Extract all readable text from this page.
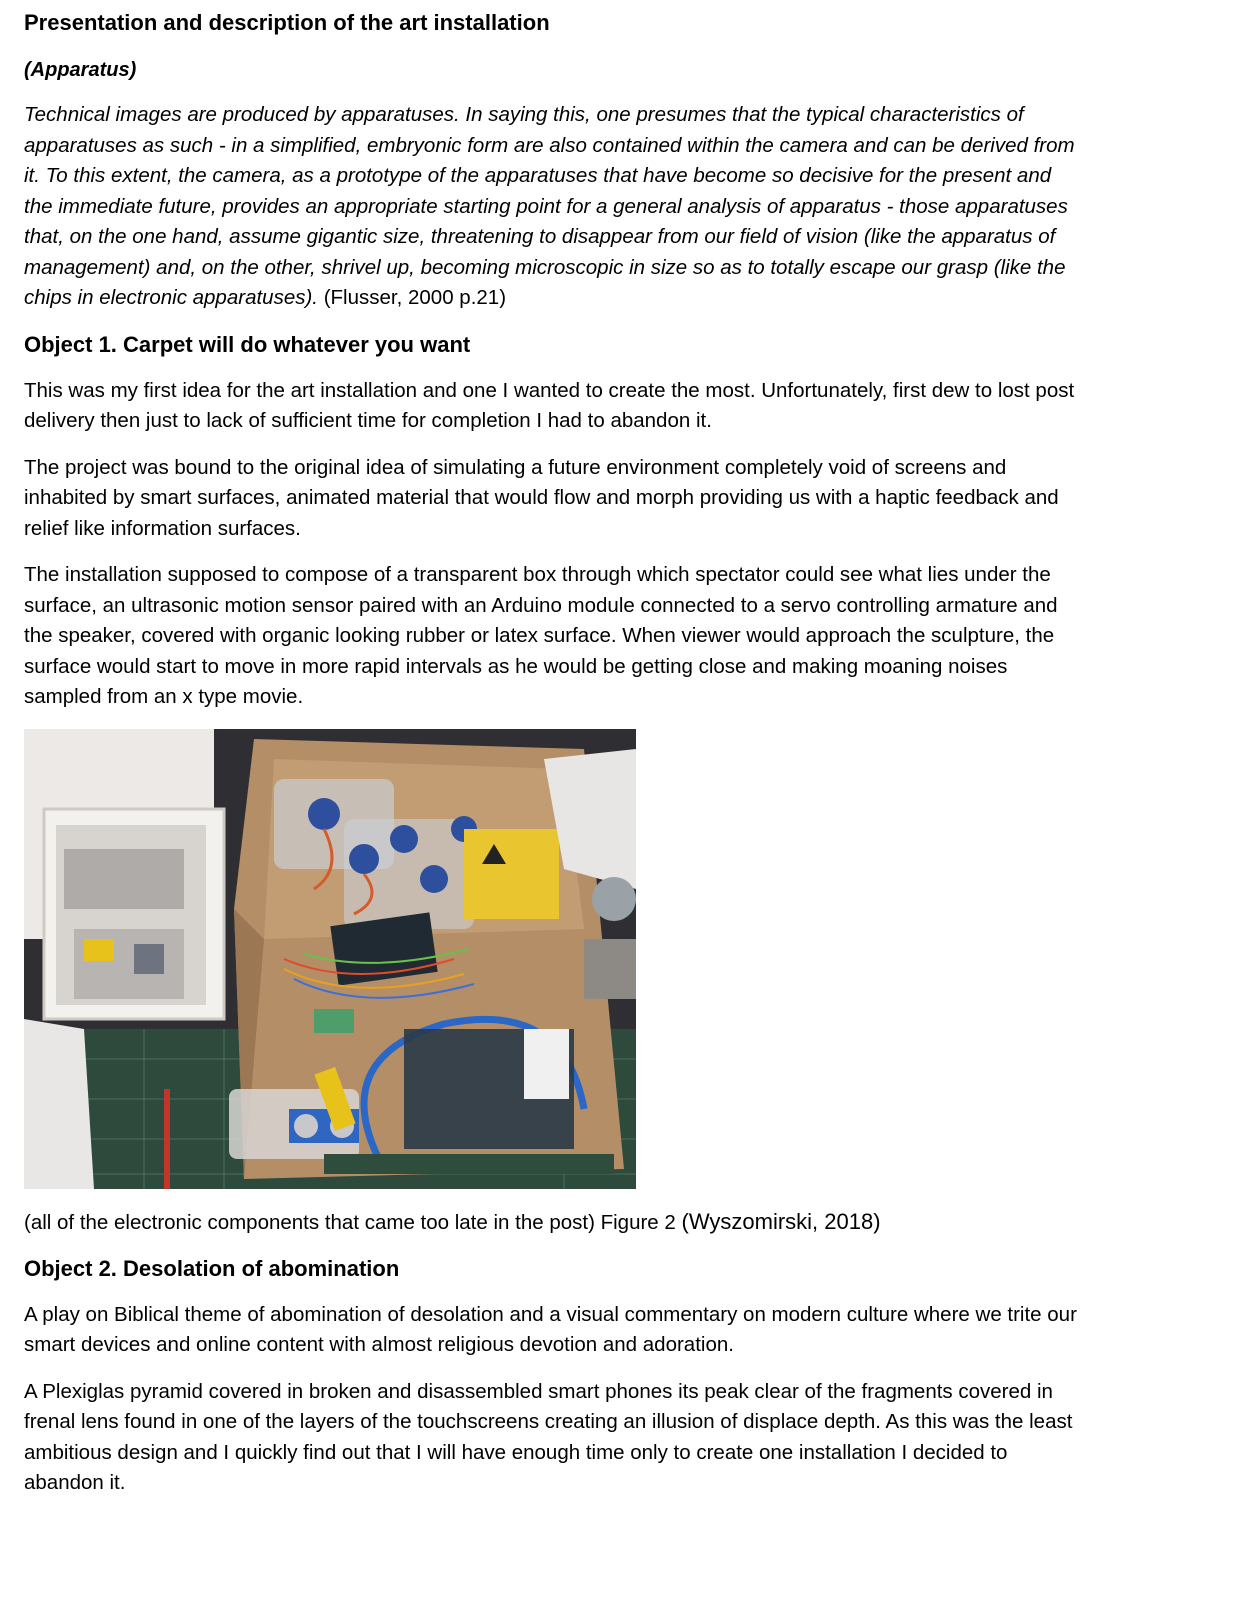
Presentation and description of the art installation
(Apparatus)

Technical images are produced by apparatuses. In saying this, one presumes that the typical characteristics of apparatuses as such - in a simplified, embryonic form are also contained within the camera and can be derived from it. To this extent, the camera, as a prototype of the apparatuses that have become so decisive for the present and the immediate future, provides an appropriate starting point for a general analysis of apparatus - those apparatuses that, on the one hand, assume gigantic size, threatening to disappear from our field of vision (like the apparatus of management) and, on the other, shrivel up, becoming microscopic in size so as to totally escape our grasp (like the chips in electronic apparatuses). (Flusser, 2000 p.21)

Object 1. Carpet will do whatever you want

This was my first idea for the art installation and one I wanted to create the most. Unfortunately, first dew to lost post delivery then just to lack of sufficient time for completion I had to abandon it.

The project was bound to the original idea of simulating a future environment completely void of screens and inhabited by smart surfaces, animated material that would flow and morph providing us with a haptic feedback and relief like information surfaces.

The installation supposed to compose of a transparent box through which spectator could see what lies under the surface, an ultrasonic motion sensor paired with an Arduino module connected to a servo controlling armature and the speaker, covered with organic looking rubber or latex surface. When viewer would approach the sculpture, the surface would start to move in more rapid intervals as he would be getting close and making moaning noises sampled from an x type movie.

(all of the electronic components that came too late in the post) Figure 2 (Wyszomirski, 2018)

Object 2. Desolation of abomination

A play on Biblical theme of abomination of desolation and a visual commentary on modern culture where we trite our smart devices and online content with almost religious devotion and adoration.

A Plexiglas pyramid covered in broken and disassembled smart phones its peak clear of the fragments covered in frenal lens found in one of the layers of the touchscreens creating an illusion of displace depth. As this was the least ambitious design and I quickly find out that I will have enough time only to create one installation I decided to abandon it.
